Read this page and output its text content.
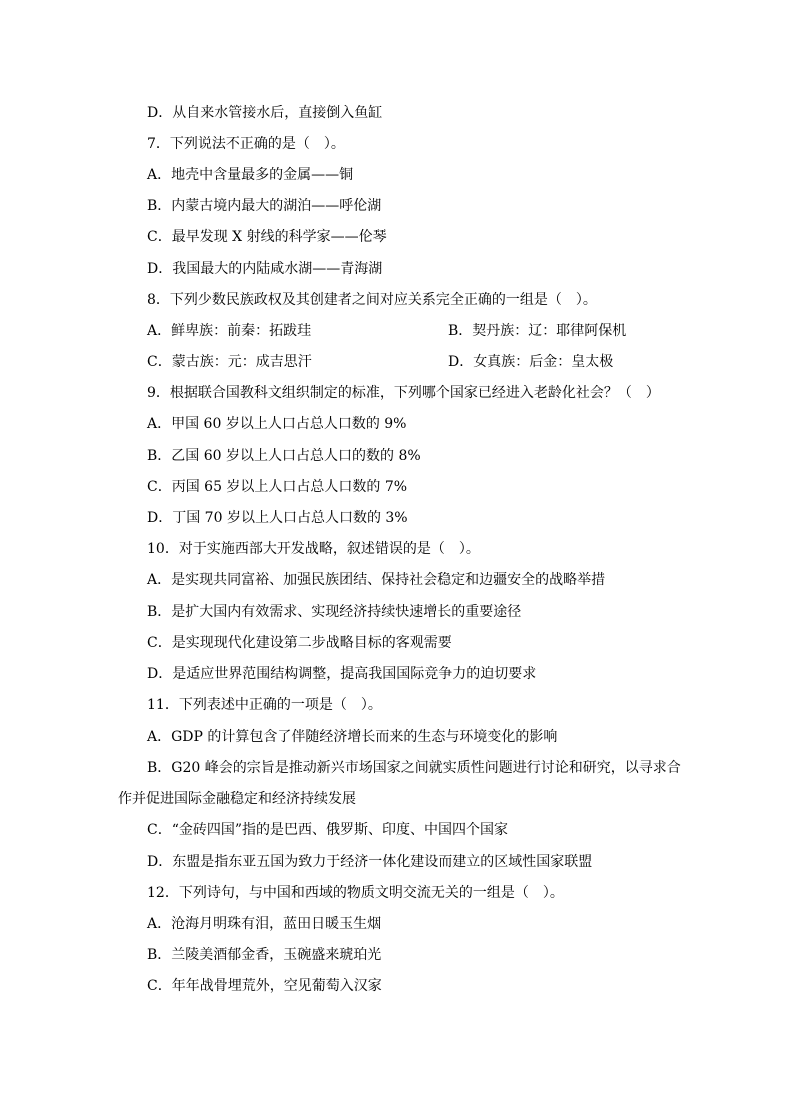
D．从自来水管接水后，直接倒入鱼缸
7．下列说法不正确的是（　）。
A．地壳中含量最多的金属——铜
B．内蒙古境内最大的湖泊——呼伦湖
C．最早发现 X 射线的科学家——伦琴
D．我国最大的内陆咸水湖——青海湖
8．下列少数民族政权及其创建者之间对应关系完全正确的一组是（　）。
A．鲜卑族：前秦：拓跋珪	B．契丹族：辽：耶律阿保机
C．蒙古族：元：成吉思汗	D．女真族：后金：皇太极
9．根据联合国教科文组织制定的标准，下列哪个国家已经进入老龄化社会？（　）
A．甲国 60 岁以上人口占总人口数的 9%
B．乙国 60 岁以上人口占总人口的数的 8%
C．丙国 65 岁以上人口占总人口数的 7%
D．丁国 70 岁以上人口占总人口数的 3%
10．对于实施西部大开发战略，叙述错误的是（　）。
A．是实现共同富裕、加强民族团结、保持社会稳定和边疆安全的战略举措
B．是扩大国内有效需求、实现经济持续快速增长的重要途径
C．是实现现代化建设第二步战略目标的客观需要
D．是适应世界范围结构调整，提高我国国际竞争力的迫切要求
11．下列表述中正确的一项是（　）。
A．GDP 的计算包含了伴随经济增长而来的生态与环境变化的影响
B．G20 峰会的宗旨是推动新兴市场国家之间就实质性问题进行讨论和研究，以寻求合
作并促进国际金融稳定和经济持续发展
C．“金砖四国”指的是巴西、俄罗斯、印度、中国四个国家
D．东盟是指东亚五国为致力于经济一体化建设而建立的区域性国家联盟
12．下列诗句，与中国和西域的物质文明交流无关的一组是（　）。
A．沧海月明珠有泪，蓝田日暖玉生烟
B．兰陵美酒郁金香，玉碗盛来琥珀光
C．年年战骨埋荒外，空见葡萄入汉家
